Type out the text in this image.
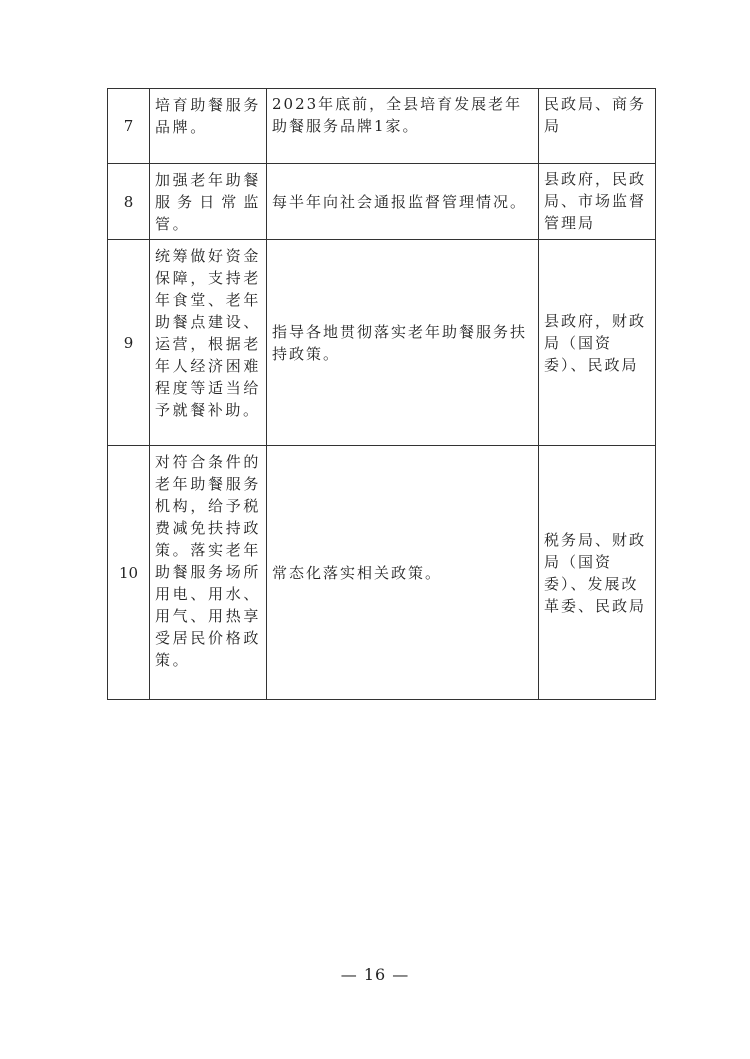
7	培育助餐服务品牌。	2023年底前，全县培育发展老年助餐服务品牌1家。	民政局、商务局
8	加强老年助餐服务日常监管。	每半年向社会通报监督管理情况。	县政府，民政局、市场监督管理局
9	统筹做好资金保障，支持老年食堂、老年助餐点建设、运营，根据老年人经济困难程度等适当给予就餐补助。	指导各地贯彻落实老年助餐服务扶持政策。	县政府，财政局（国资委）、民政局
10	对符合条件的老年助餐服务机构，给予税费减免扶持政策。落实老年助餐服务场所用电、用水、用气、用热享受居民价格政策。	常态化落实相关政策。	税务局、财政局（国资委）、发展改革委、民政局
— 16 —
